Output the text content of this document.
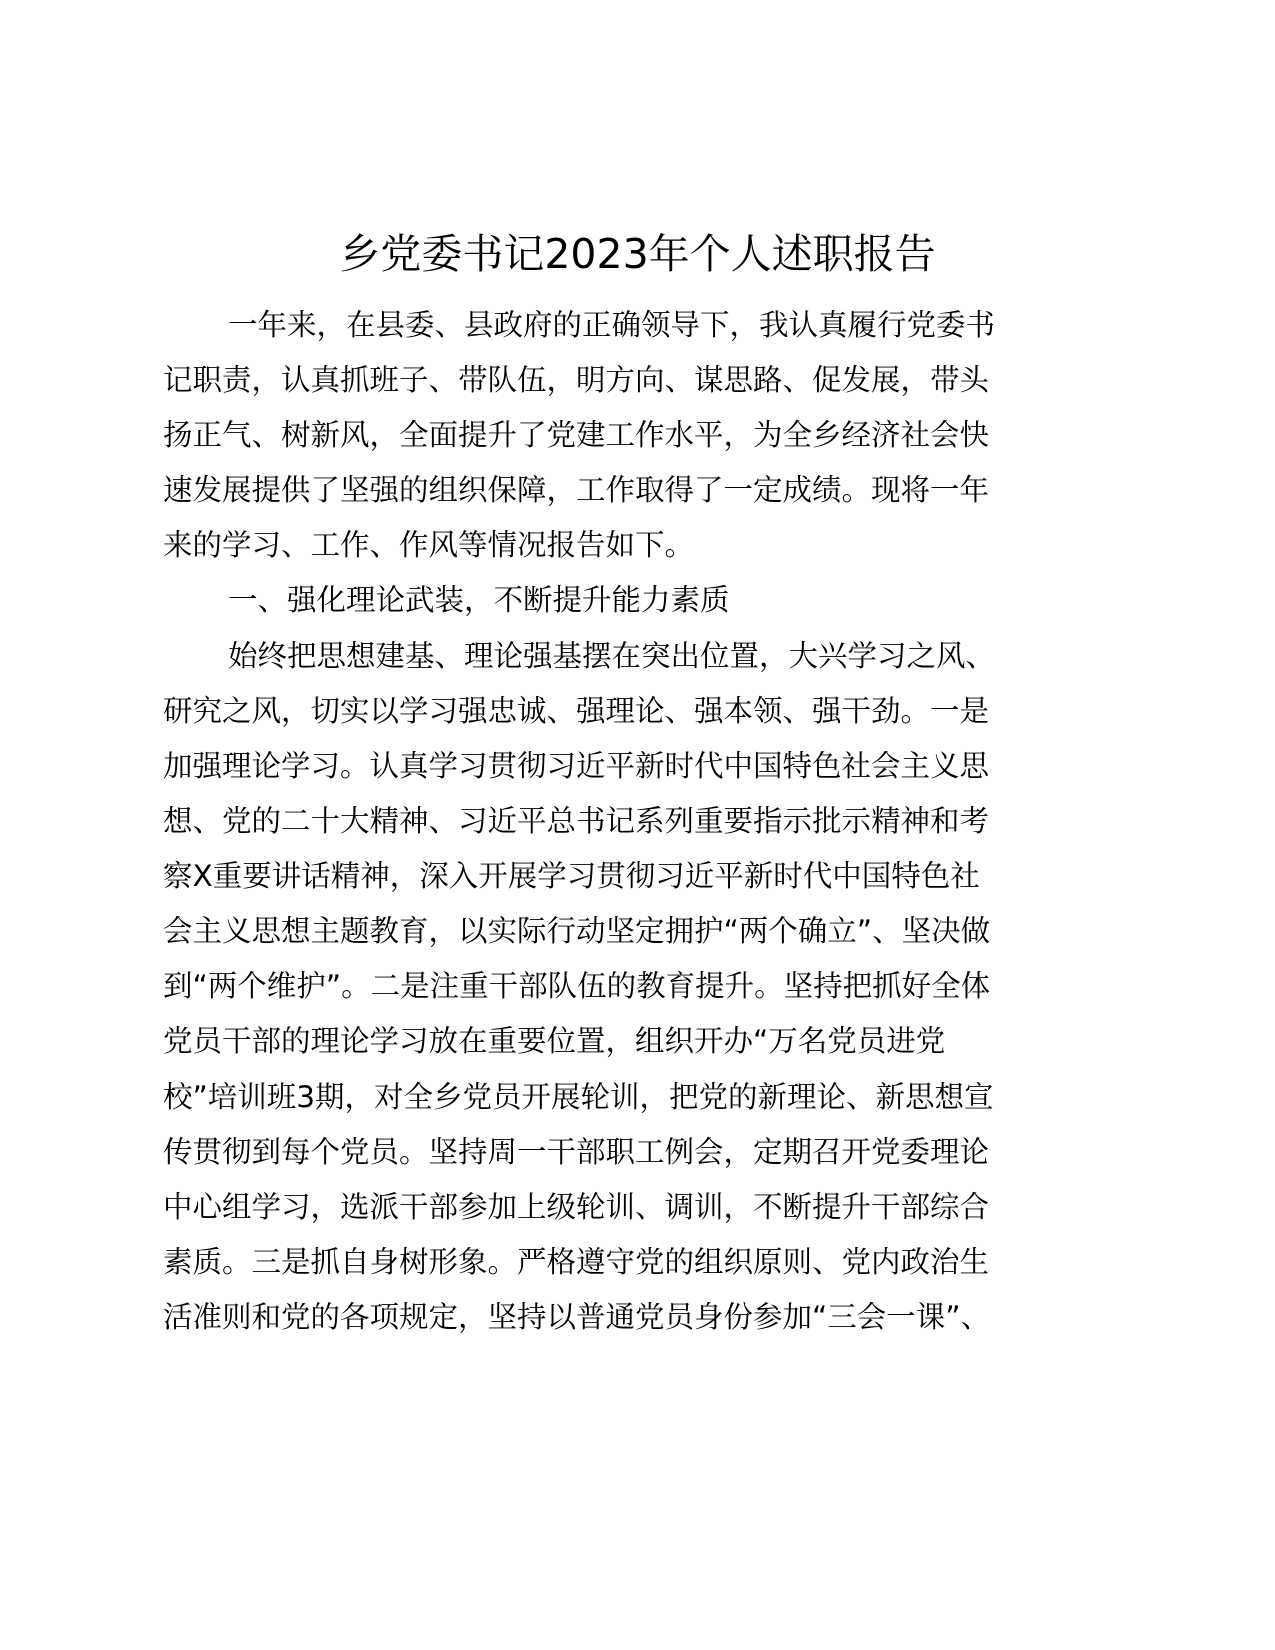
乡党委书记2023年个人述职报告
一年来，在县委、县政府的正确领导下，我认真履行党委书
记职责，认真抓班子、带队伍，明方向、谋思路、促发展，带头
扬正气、树新风，全面提升了党建工作水平，为全乡经济社会快
速发展提供了坚强的组织保障，工作取得了一定成绩。现将一年
来的学习、工作、作风等情况报告如下。
一、强化理论武装，不断提升能力素质
始终把思想建基、理论强基摆在突出位置，大兴学习之风、
研究之风，切实以学习强忠诚、强理论、强本领、强干劲。一是
加强理论学习。认真学习贯彻习近平新时代中国特色社会主义思
想、党的二十大精神、习近平总书记系列重要指示批示精神和考
察X重要讲话精神，深入开展学习贯彻习近平新时代中国特色社
会主义思想主题教育，以实际行动坚定拥护“两个确立”、坚决做
到“两个维护”。二是注重干部队伍的教育提升。坚持把抓好全体
党员干部的理论学习放在重要位置，组织开办“万名党员进党
校”培训班3期，对全乡党员开展轮训，把党的新理论、新思想宣
传贯彻到每个党员。坚持周一干部职工例会，定期召开党委理论
中心组学习，选派干部参加上级轮训、调训，不断提升干部综合
素质。三是抓自身树形象。严格遵守党的组织原则、党内政治生
活准则和党的各项规定，坚持以普通党员身份参加“三会一课”、
